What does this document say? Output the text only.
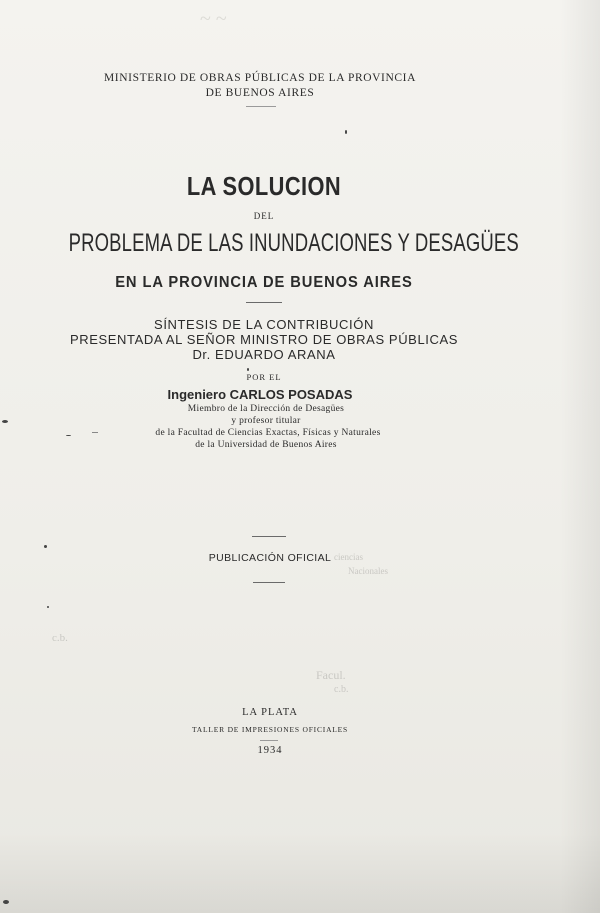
~ ~
c.b.
Facul.
c.b.
ciencias
Nacionales
MINISTERIO DE OBRAS PÚBLICAS DE LA PROVINCIA
DE BUENOS AIRES
LA SOLUCION
DEL
PROBLEMA DE LAS INUNDACIONES Y DESAGÜES
EN LA PROVINCIA DE BUENOS AIRES
SÍNTESIS DE LA CONTRIBUCIÓN
PRESENTADA AL SEÑOR MINISTRO DE OBRAS PÚBLICAS
Dr. EDUARDO ARANA
POR EL
Ingeniero CARLOS POSADAS
Miembro de la Dirección de Desagües
y profesor titular
de la Facultad de Ciencias Exactas, Físicas y Naturales
de la Universidad de Buenos Aires
PUBLICACIÓN OFICIAL
LA PLATA
TALLER DE IMPRESIONES OFICIALES
1934
